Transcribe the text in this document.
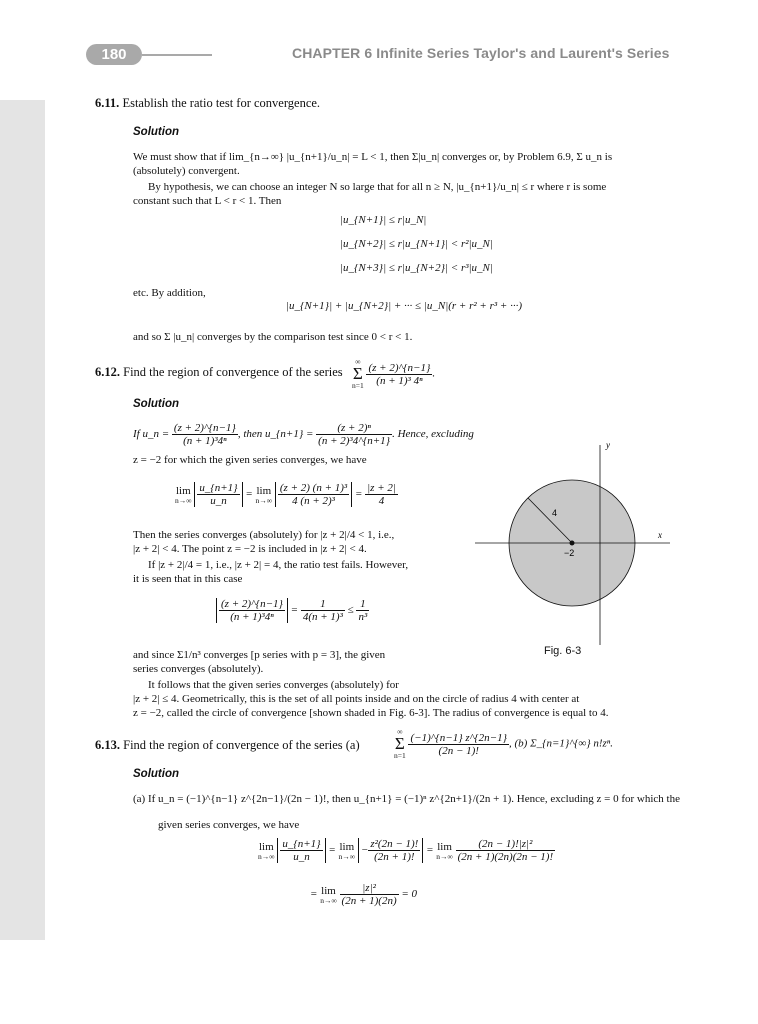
180	CHAPTER 6 Infinite Series Taylor's and Laurent's Series
6.11. Establish the ratio test for convergence.
Solution
We must show that if lim_{n→∞} |u_{n+1}/u_n| = L < 1, then Σ|u_n| converges or, by Problem 6.9, Σ u_n is
(absolutely) convergent.
By hypothesis, we can choose an integer N so large that for all n ≥ N, |u_{n+1}/u_n| ≤ r where r is some
constant such that L < r < 1. Then
|u_{N+1}| ≤ r|u_N|
|u_{N+2}| ≤ r|u_{N+1}| < r²|u_N|
|u_{N+3}| ≤ r|u_{N+2}| < r³|u_N|
etc. By addition,
|u_{N+1}| + |u_{N+2}| + ··· ≤ |u_N|(r + r² + r³ + ···)
and so Σ |u_n| converges by the comparison test since 0 < r < 1.
6.12. Find the region of convergence of the series
∞
Σ
n=1
$\frac{(z + 2)\^{}\{n-1\}}{\text{(n + 1)³ 4ⁿ}}$ .
Solution
If u_n = $\frac{(z + 2)\^{}\{n-1\}}{\text{(n + 1)³4ⁿ}}$ , then u_{n+1} = $\frac{\text{(z + 2)ⁿ}}{\text{(n + 2)³4\textasciicircum{}\{n+1\}}}$ . Hence, excluding
z = −2 for which the given series converges, we have
lim
n→∞
$\frac{u\_\{n+1\}}{u\_n} = \lim$
n→∞
$\frac{\text{(z + 2) (n + 1)³}}{\text{4 (n + 2)³}} = \frac{|z + 2|}{4}$
Then the series converges (absolutely) for |z + 2|/4 < 1, i.e.,
|z + 2| < 4. The point z = −2 is included in |z + 2| < 4.
If |z + 2|/4 = 1, i.e., |z + 2| = 4, the ratio test fails. However,
it is seen that in this case
$\frac{(z + 2)\^{}\{n-1\}}{\text{(n + 1)³4ⁿ}} = \frac{1}{\text{4(n + 1)³}} \le \frac{1}{\text{n³}}$
and since Σ1/n³ converges [p series with p = 3], the given
series converges (absolutely).
It follows that the given series converges (absolutely) for
|z + 2| ≤ 4. Geometrically, this is the set of all points inside and on the circle of radius 4 with center at
z = −2, called the circle of convergence [shown shaded in Fig. 6-3]. The radius of convergence is equal to 4.
4
−2
x
y
Fig. 6-3
6.13. Find the region of convergence of the series (a)
∞
Σ
n=1
$\frac{(-1)\^{}\{n-1\} z\^{}\{2n-1\}}{(2n - 1)!}$ , (b) Σ_{n=1}^{∞} n!zⁿ.
Solution
(a) If u_n = (−1)^{n−1} z^{2n−1}/(2n − 1)!, then u_{n+1} = (−1)ⁿ z^{2n+1}/(2n + 1). Hence, excluding z = 0 for which the
given series converges, we have
lim
n→∞
$\frac{u\_\{n+1\}}{u\_n} = \lim$
$n\to\infty - \frac{\text{z²(2n − 1)!}}{(2n + 1)!} = \lim$
n→∞
$\frac{\text{(2n − 1)!|z|²}}{(2n + 1)(2n)(2n - 1)!}$
= lim
n→∞
$\frac{\text{|z|²}}{(2n + 1)(2n)} = 0$
